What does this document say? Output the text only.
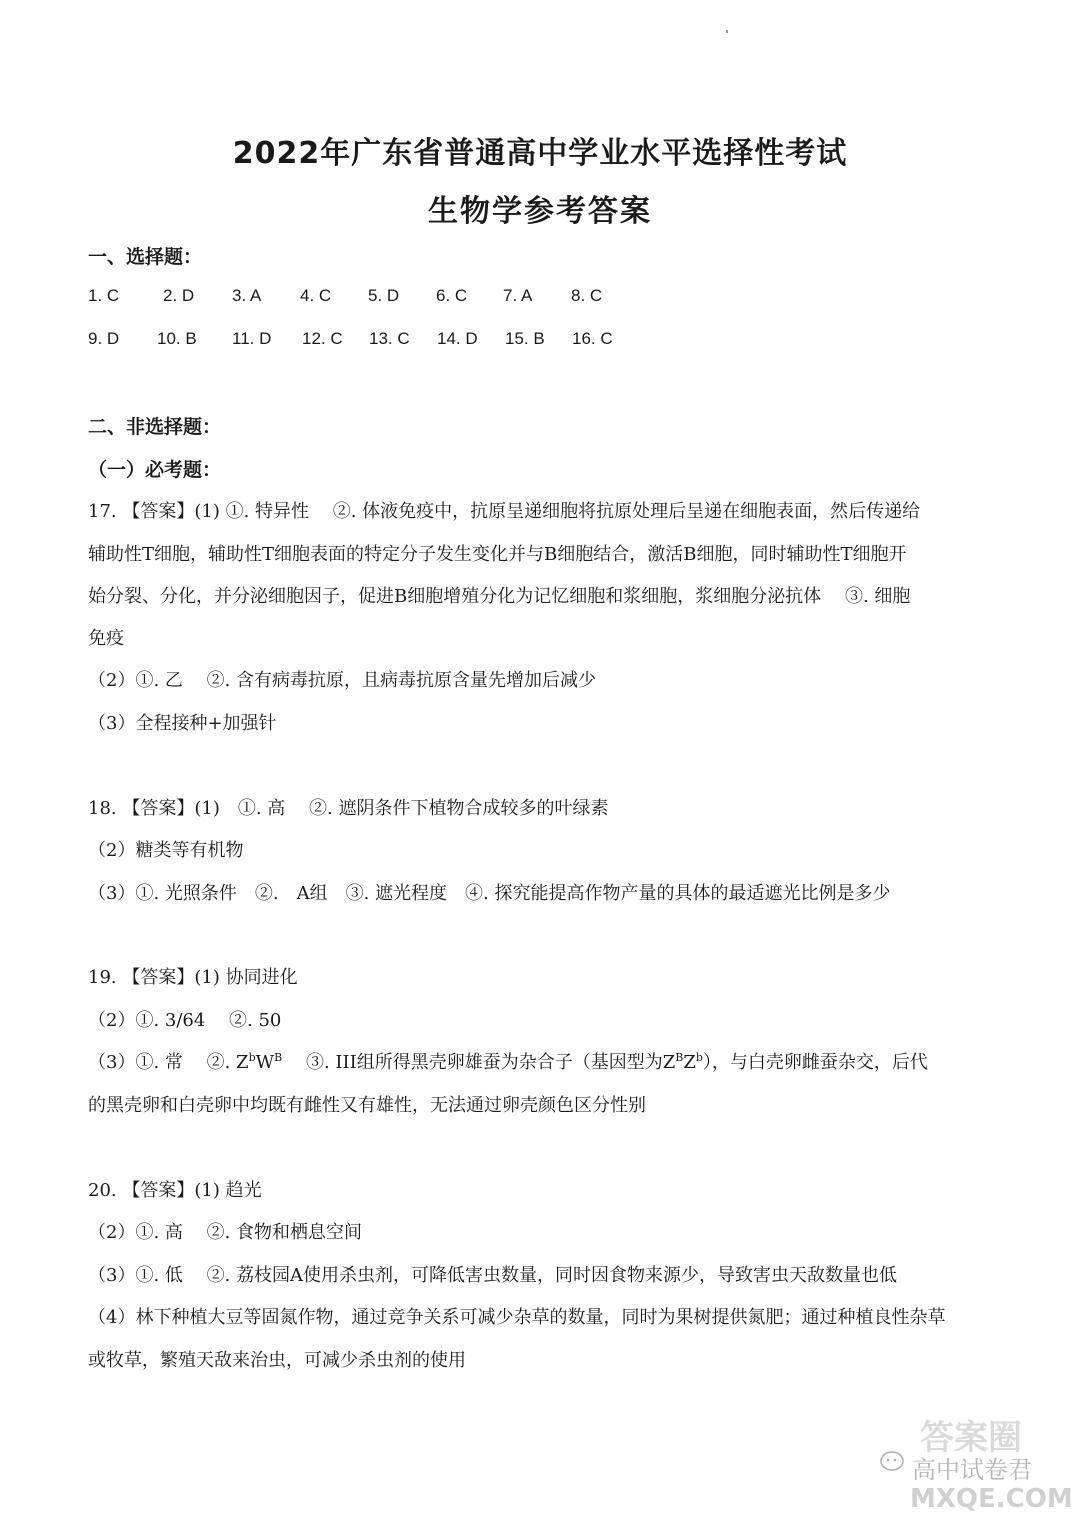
2022年广东省普通高中学业水平选择性考试
生物学参考答案
一、选择题：
1. C	2. D 3. A 4. C 5. D 6. C 7. A 8. C
9. D 10. B 11. D 12. C 13. C 14. D 15. B 16. C
二、非选择题：
（一）必考题：
17. 【答案】(1) ①. 特异性　 ②. 体液免疫中，抗原呈递细胞将抗原处理后呈递在细胞表面，然后传递给
辅助性T细胞，辅助性T细胞表面的特定分子发生变化并与B细胞结合，激活B细胞，同时辅助性T细胞开
始分裂、分化，并分泌细胞因子，促进B细胞增殖分化为记忆细胞和浆细胞，浆细胞分泌抗体　 ③. 细胞
免疫
（2）①. 乙　 ②. 含有病毒抗原，且病毒抗原含量先增加后减少
（3）全程接种+加强针
18. 【答案】(1)　①. 高　 ②. 遮阴条件下植物合成较多的叶绿素
（2）糖类等有机物
（3）①. 光照条件　②.　A组　③. 遮光程度　④. 探究能提高作物产量的具体的最适遮光比例是多少
19. 【答案】(1) 协同进化
（2）①. 3/64　 ②. 50
（3）①. 常　 ②. $Z^bW^B$　 ③. III组所得黑壳卵雄蚕为杂合子（基因型为$Z^BZ^b$），与白壳卵雌蚕杂交，后代
的黑壳卵和白壳卵中均既有雌性又有雄性，无法通过卵壳颜色区分性别
20. 【答案】(1) 趋光
（2）①. 高　 ②. 食物和栖息空间
（3）①. 低　 ②. 荔枝园A使用杀虫剂，可降低害虫数量，同时因食物来源少，导致害虫天敌数量也低
（4）林下种植大豆等固氮作物，通过竞争关系可减少杂草的数量，同时为果树提供氮肥；通过种植良性杂草
或牧草，繁殖天敌来治虫，可减少杀虫剂的使用
答案圈
高中试卷君
MXQE.COM
